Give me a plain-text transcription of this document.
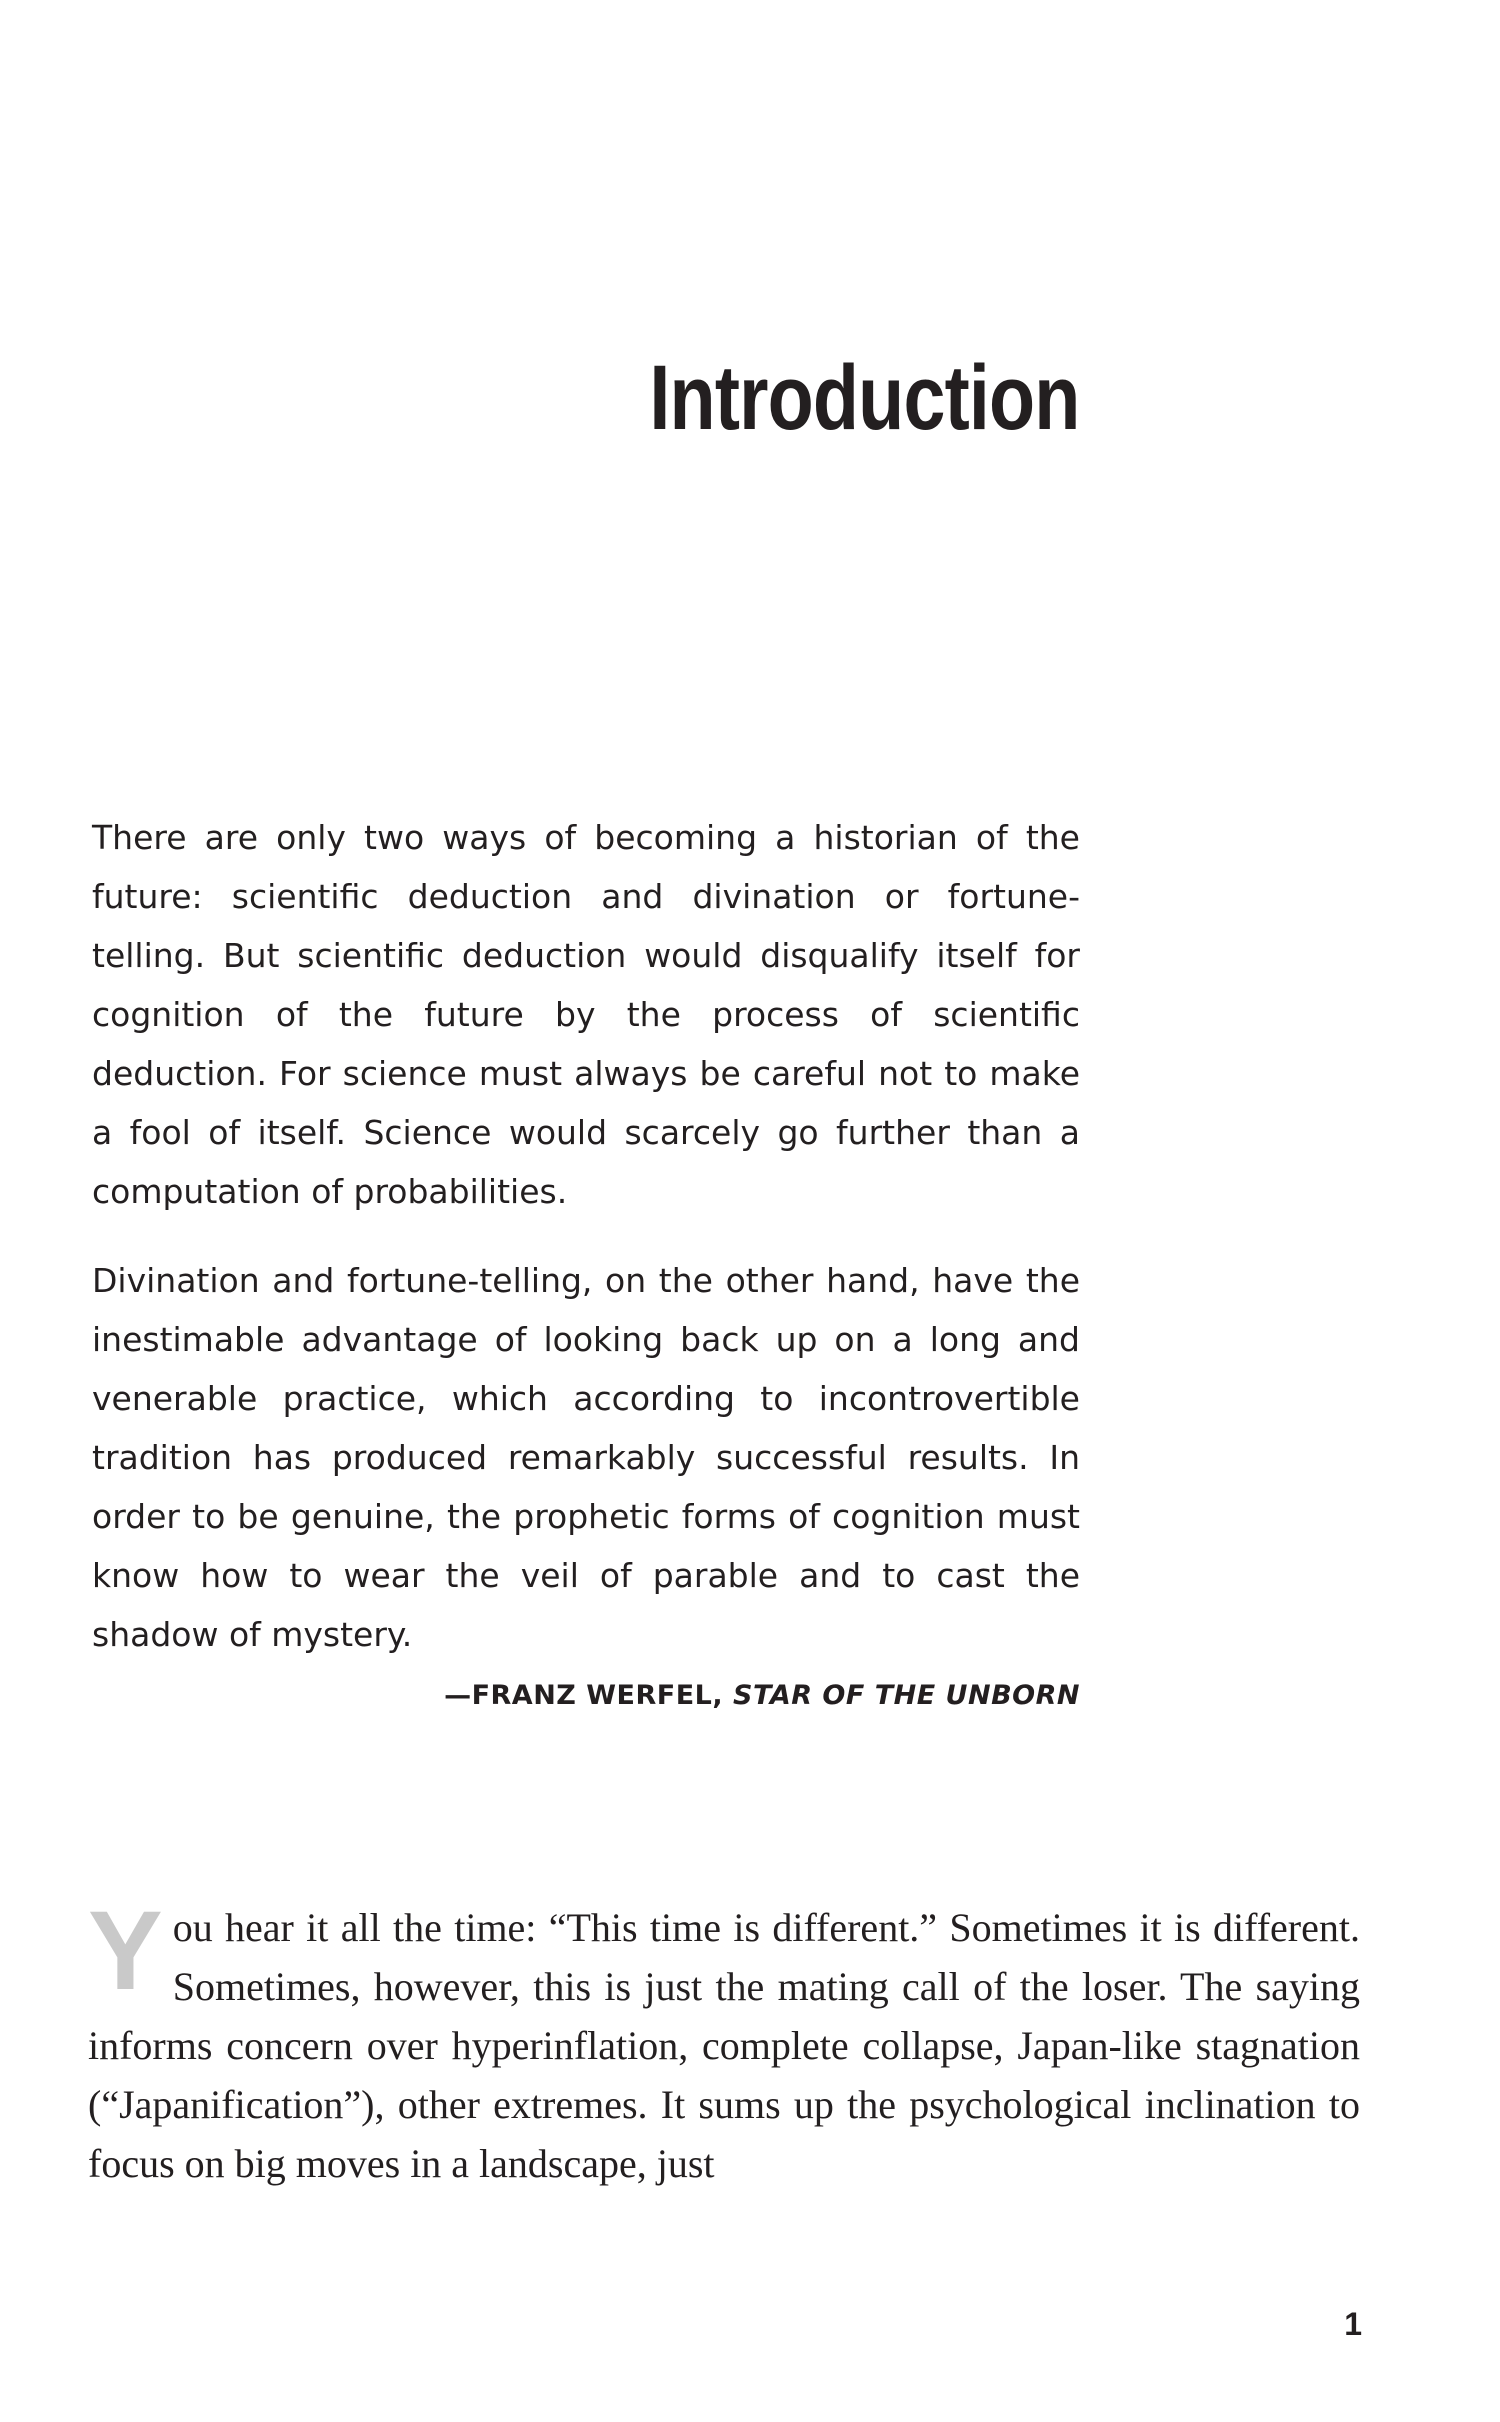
Introduction

There are only two ways of becoming a historian of the future: scientific deduction and divination or fortune-telling. But scientific deduction would disqualify itself for cognition of the future by the process of scientific deduction. For science must always be careful not to make a fool of itself. Science would scarcely go further than a computation of probabilities.

Divination and fortune-telling, on the other hand, have the inestimable advantage of looking back up on a long and venerable practice, which according to incontrovertible tradition has produced remarkably successful results. In order to be genuine, the prophetic forms of cognition must know how to wear the veil of parable and to cast the shadow of mystery.

—FRANZ WERFEL, STAR OF THE UNBORN

You hear it all the time: “This time is different.” Sometimes it is different. Sometimes, however, this is just the mating call of the loser. The saying informs concern over hyperinflation, complete collapse, Japan-like stagnation (“Japanification”), other extremes. It sums up the psychological inclination to focus on big moves in a landscape, just

1
